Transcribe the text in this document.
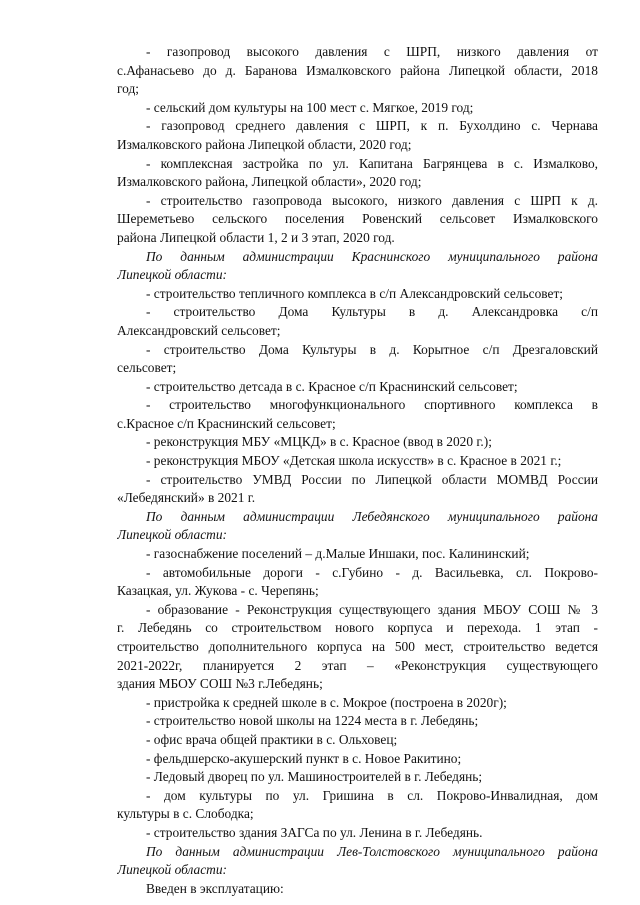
- газопровод высокого давления с ШРП, низкого давления от
с.Афанасьево до д. Баранова Измалковского района Липецкой области, 2018
год;
- сельский дом культуры на 100 мест с. Мягкое, 2019 год;
- газопровод среднего давления с ШРП, к п. Бухолдино с. Чернава
Измалковского района Липецкой области, 2020 год;
- комплексная застройка по ул. Капитана Багрянцева в с. Измалково,
Измалковского района, Липецкой области», 2020 год;
- строительство газопровода высокого, низкого давления с ШРП к д.
Шереметьево сельского поселения Ровенский сельсовет Измалковского
района Липецкой области 1, 2 и 3 этап, 2020 год.
По данным администрации Краснинского муниципального района
Липецкой области:
- строительство тепличного комплекса в с/п Александровский сельсовет;
- строительство Дома Культуры в д. Александровка с/п
Александровский сельсовет;
- строительство Дома Культуры в д. Корытное с/п Дрезгаловский
сельсовет;
- строительство детсада в с. Красное с/п Краснинский сельсовет;
- строительство многофункционального спортивного комплекса в
с.Красное с/п Краснинский сельсовет;
- реконструкция МБУ «МЦКД» в с. Красное (ввод в 2020 г.);
- реконструкция МБОУ «Детская школа искусств» в с. Красное в 2021 г.;
- строительство УМВД России по Липецкой области МОМВД России
«Лебедянский» в 2021 г.
По данным администрации Лебедянского муниципального района
Липецкой области:
- газоснабжение поселений – д.Малые Иншаки, пос. Калининский;
- автомобильные дороги - с.Губино - д. Васильевка, сл. Покрово-
Казацкая, ул. Жукова - с. Черепянь;
- образование - Реконструкция существующего здания МБОУ СОШ № 3
г. Лебедянь со строительством нового корпуса и перехода. 1 этап -
строительство дополнительного корпуса на 500 мест, строительство ведется
2021-2022г, планируется 2 этап – «Реконструкция существующего
здания МБОУ СОШ №3 г.Лебедянь;
- пристройка к средней школе в с. Мокрое (построена в 2020г);
- строительство новой школы на 1224 места в г. Лебедянь;
- офис врача общей практики в с. Ольховец;
- фельдшерско-акушерский пункт в с. Новое Ракитино;
- Ледовый дворец по ул. Машиностроителей в г. Лебедянь;
- дом культуры по ул. Гришина в сл. Покрово-Инвалидная, дом
культуры в с. Слободка;
- строительство здания ЗАГСа по ул. Ленина в г. Лебедянь.
По данным администрации Лев-Толстовского муниципального района
Липецкой области:
Введен в эксплуатацию:
